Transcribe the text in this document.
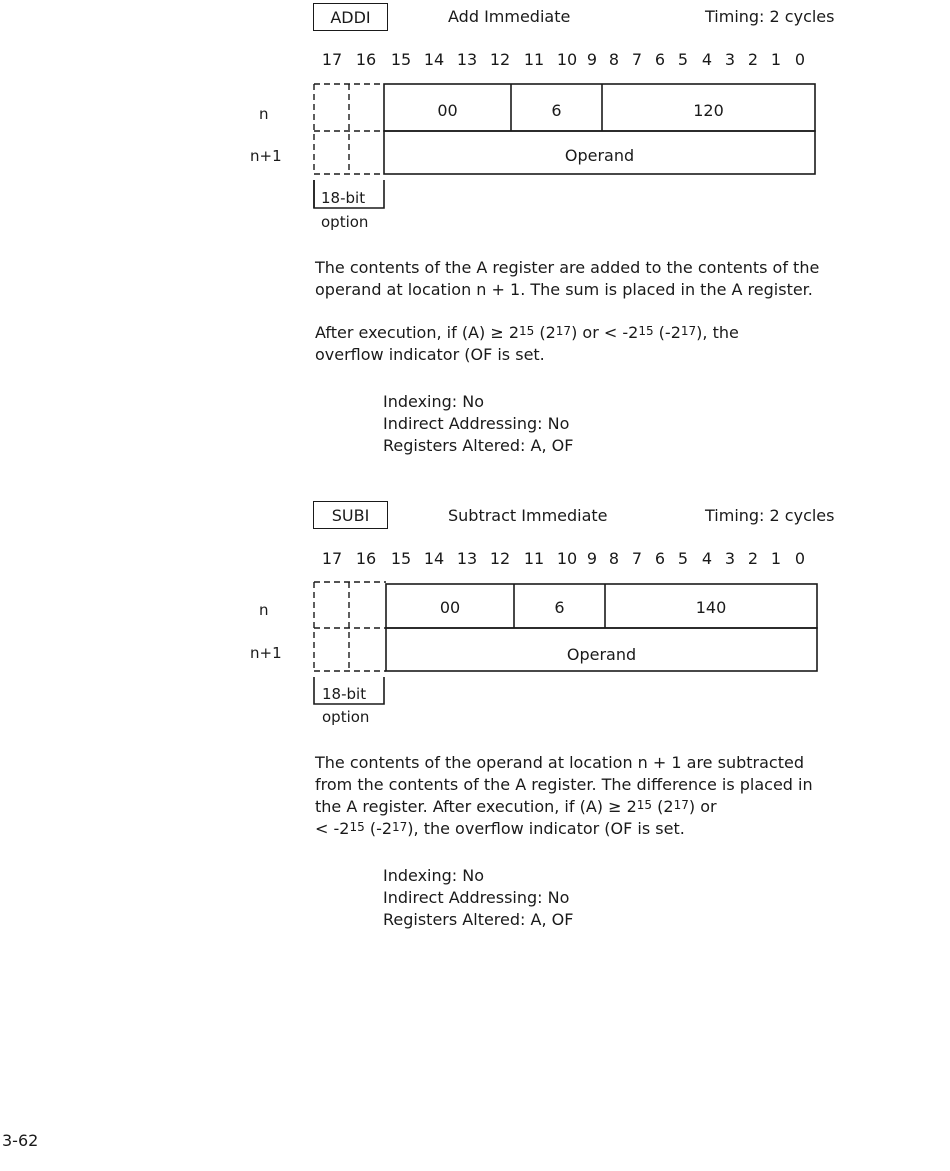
ADDI	Add Immediate	Timing: 2 cycles
17 16 15 14 13 12 11 10 9 8 7 6 5 4 3 2 1 0
n
n+1
00	6	120
Operand
18-bit
option
The contents of the A register are added to the contents of the
operand at location n + 1. The sum is placed in the A register.
After execution, if $(A) \ge 2^{15}$ $(2^{17})$ or < $-2^{15}$ $(-2^{17})$, the
overflow indicator (OF is set.
Indexing: No
Indirect Addressing: No
Registers Altered: A, OF
SUBI	Subtract Immediate	Timing: 2 cycles
17 16 15 14 13 12 11 10 9 8 7 6 5 4 3 2 1 0
n
n+1
00	6	140
Operand
18-bit
option
The contents of the operand at location n + 1 are subtracted
from the contents of the A register. The difference is placed in
the A register. After execution, if $(A) \ge 2^{15}$ $(2^{17})$ or
< $-2^{15}$ $(-2^{17})$, the overflow indicator (OF is set.
Indexing: No
Indirect Addressing: No
Registers Altered: A, OF
3-62
